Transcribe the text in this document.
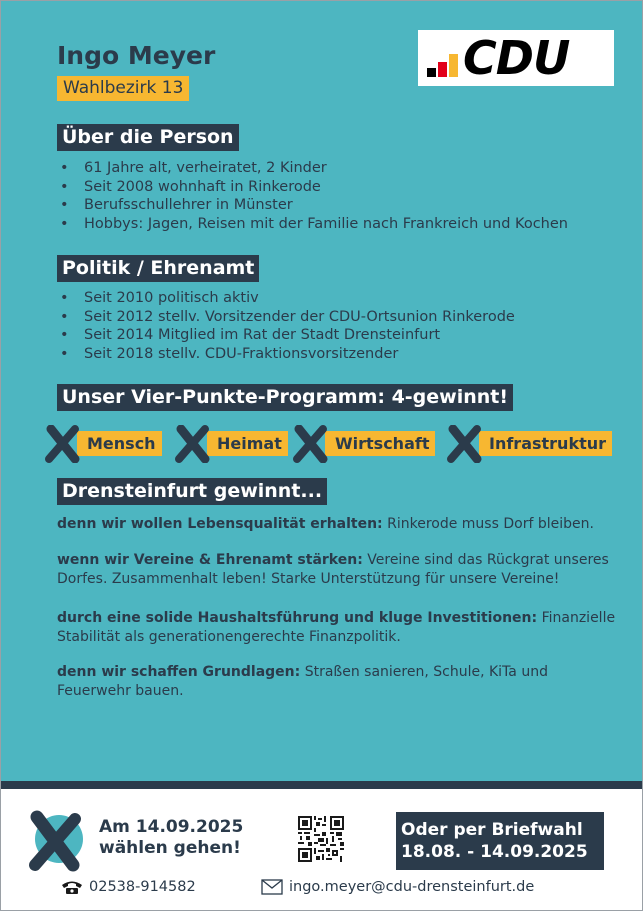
Ingo Meyer
Wahlbezirk 13
CDU
Über die Person
• 61 Jahre alt, verheiratet, 2 Kinder
• Seit 2008 wohnhaft in Rinkerode
• Berufsschullehrer in Münster
• Hobbys: Jagen, Reisen mit der Familie nach Frankreich und Kochen
Politik / Ehrenamt
• Seit 2010 politisch aktiv
• Seit 2012 stellv. Vorsitzender der CDU-Ortsunion Rinkerode
• Seit 2014 Mitglied im Rat der Stadt Drensteinfurt
• Seit 2018 stellv. CDU-Fraktionsvorsitzender
Unser Vier-Punkte-Programm: 4-gewinnt!
Mensch	Heimat	Wirtschaft	Infrastruktur
Drensteinfurt gewinnt...
denn wir wollen Lebensqualität erhalten: Rinkerode muss Dorf bleiben.
wenn wir Vereine & Ehrenamt stärken: Vereine sind das Rückgrat unseres Dorfes. Zusammenhalt leben! Starke Unterstützung für unsere Vereine!
durch eine solide Haushaltsführung und kluge Investitionen: Finanzielle Stabilität als generationengerechte Finanzpolitik.
denn wir schaffen Grundlagen: Straßen sanieren, Schule, KiTa und Feuerwehr bauen.
Am 14.09.2025
wählen gehen!
Oder per Briefwahl
18.08. - 14.09.2025
02538-914582	ingo.meyer@cdu-drensteinfurt.de
